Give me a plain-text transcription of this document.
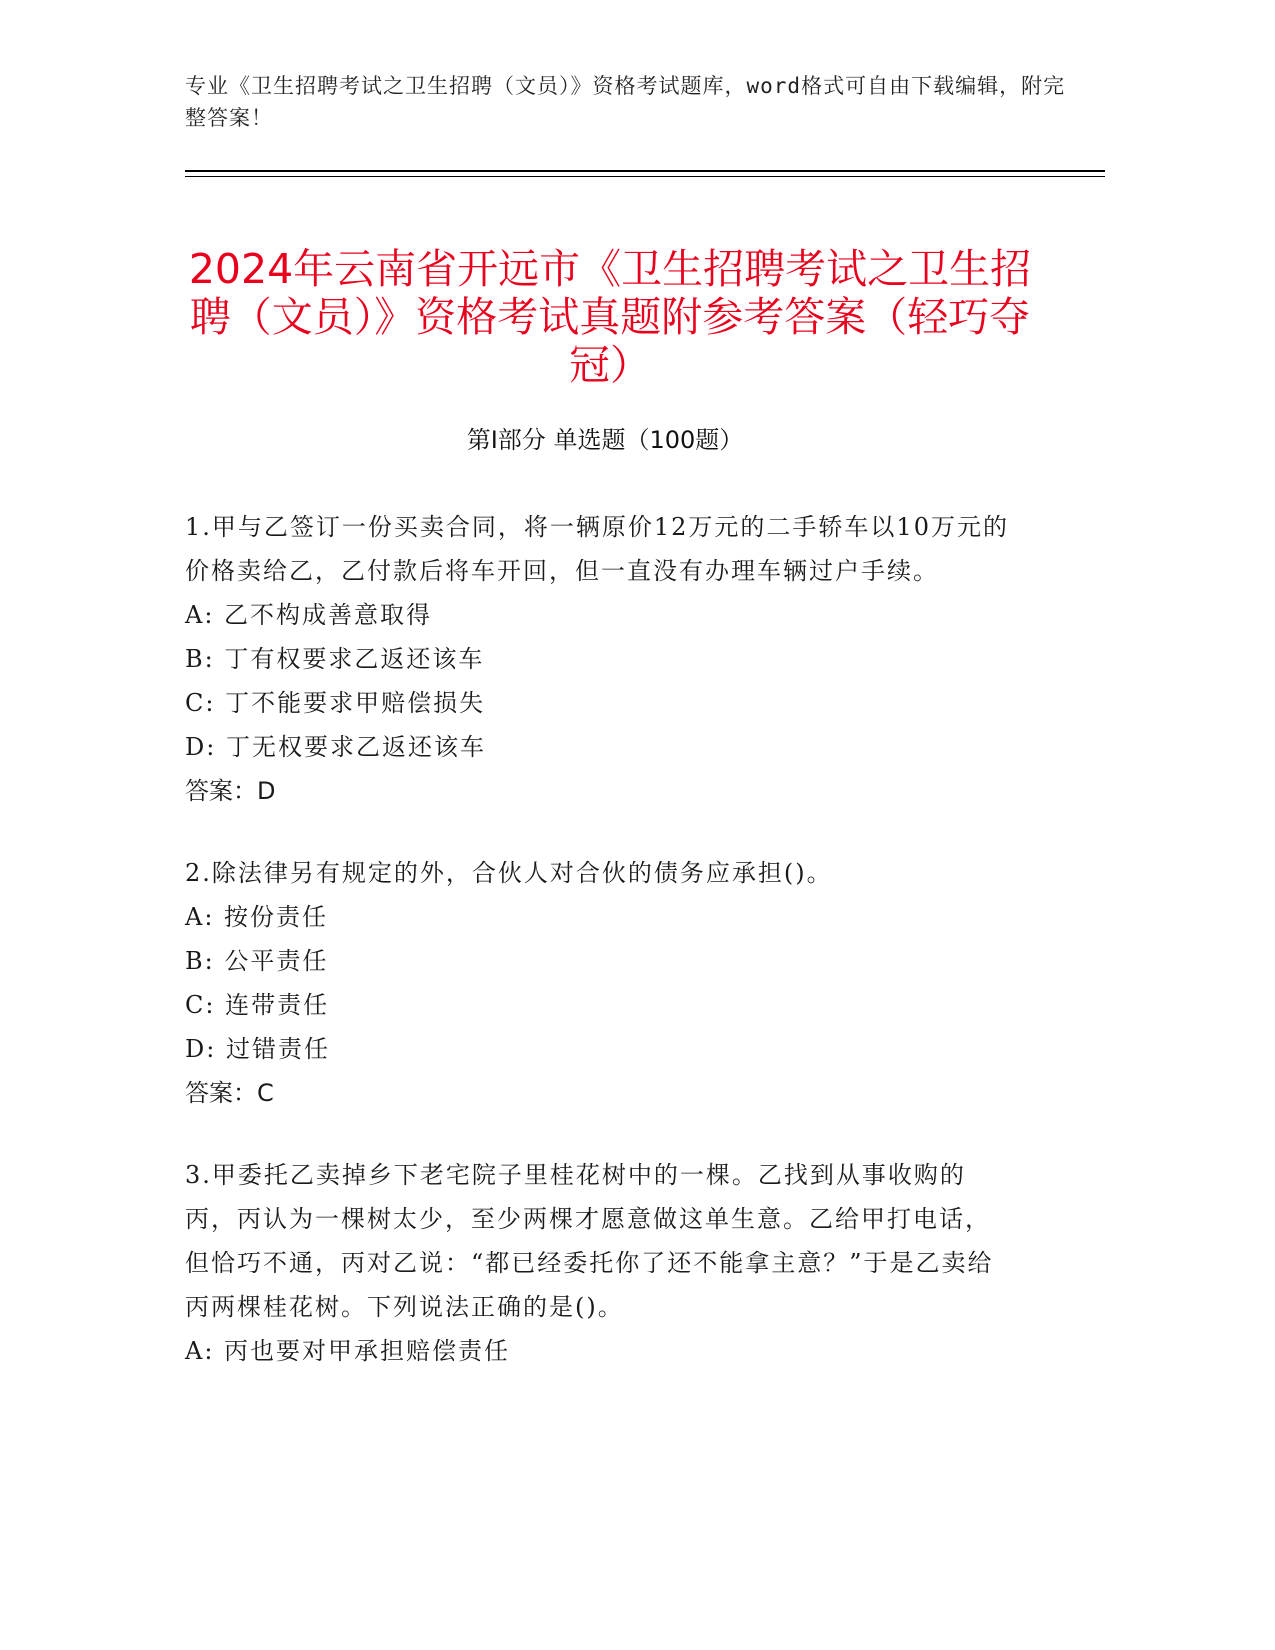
专业《卫生招聘考试之卫生招聘（文员）》资格考试题库，word格式可自由下载编辑，附完整答案！
2024年云南省开远市《卫生招聘考试之卫生招聘（文员）》资格考试真题附参考答案（轻巧夺冠）
第Ⅰ部分 单选题（100题）

1.甲与乙签订一份买卖合同，将一辆原价12万元的二手轿车以10万元的价格卖给乙，乙付款后将车开回，但一直没有办理车辆过户手续。

A: 乙不构成善意取得

B: 丁有权要求乙返还该车

C: 丁不能要求甲赔偿损失

D: 丁无权要求乙返还该车

答案：D

2.除法律另有规定的外，合伙人对合伙的债务应承担()。

A: 按份责任

B: 公平责任

C: 连带责任

D: 过错责任

答案：C

3.甲委托乙卖掉乡下老宅院子里桂花树中的一棵。乙找到从事收购的丙，丙认为一棵树太少，至少两棵才愿意做这单生意。乙给甲打电话，但恰巧不通，丙对乙说：“都已经委托你了还不能拿主意？”于是乙卖给丙两棵桂花树。下列说法正确的是()。

A: 丙也要对甲承担赔偿责任
